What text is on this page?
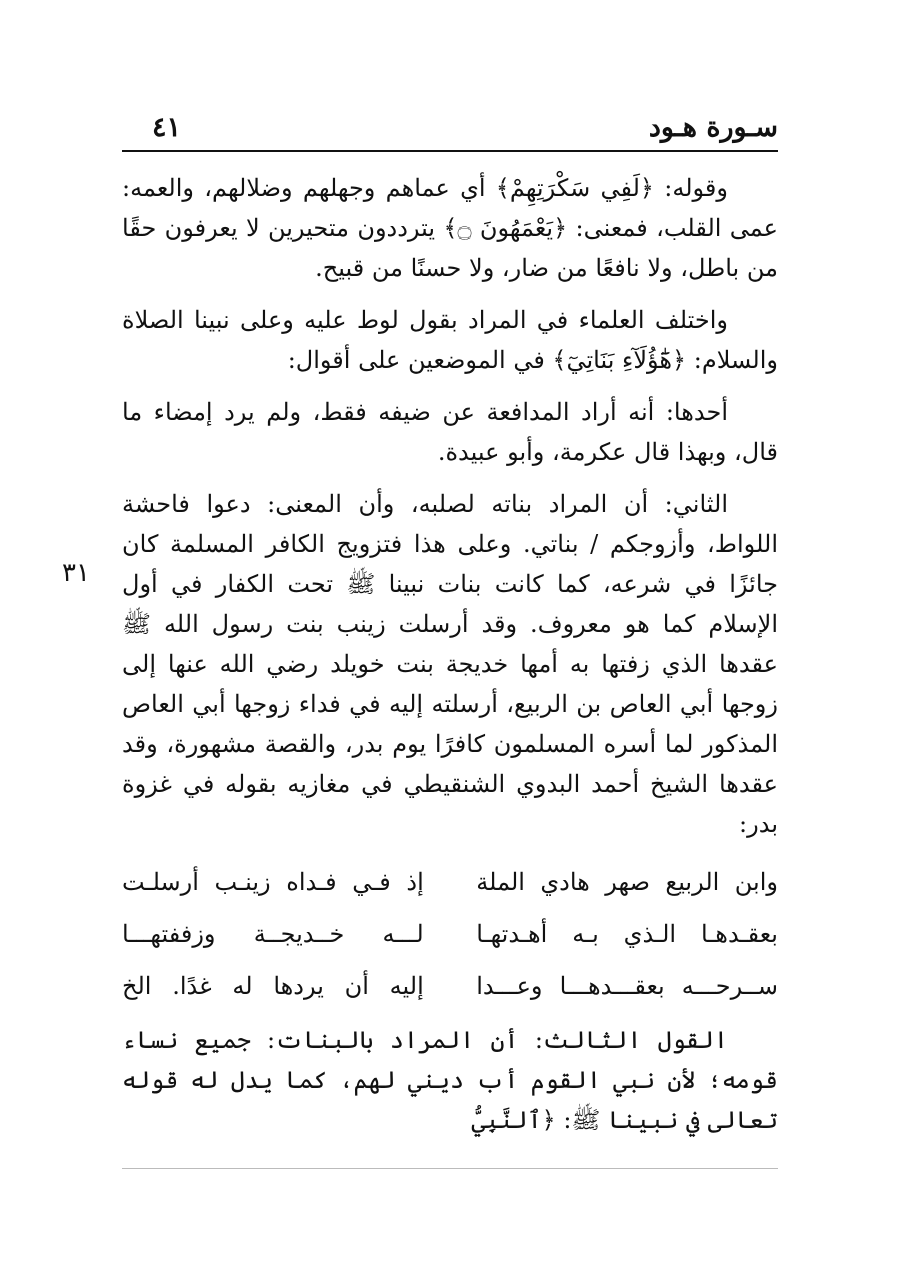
سـورة هـود
٤١
٣١

وقوله: ﴿لَفِي سَكْرَتِهِمْ﴾ أي عماهم وجهلهم وضلالهم، والعمه: عمى القلب، فمعنى: ﴿يَعْمَهُونَ ۝﴾ يترددون متحيرين لا يعرفون حقًا من باطل، ولا نافعًا من ضار، ولا حسنًا من قبيح.

واختلف العلماء في المراد بقول لوط عليه وعلى نبينا الصلاة والسلام: ﴿هَٰٓؤُلَآءِ بَنَاتِيٓ﴾ في الموضعين على أقوال:

أحدها: أنه أراد المدافعة عن ضيفه فقط، ولم يرد إمضاء ما قال، وبهذا قال عكرمة، وأبو عبيدة.

الثاني: أن المراد بناته لصلبه، وأن المعنى: دعوا فاحشة اللواط، وأزوجكم / بناتي. وعلى هذا فتزويج الكافر المسلمة كان جائزًا في شرعه، كما كانت بنات نبينا ﷺ تحت الكفار في أول الإسلام كما هو معروف. وقد أرسلت زينب بنت رسول الله ﷺ عقدها الذي زفتها به أمها خديجة بنت خويلد رضي الله عنها إلى زوجها أبي العاص بن الربيع، أرسلته إليه في فداء زوجها أبي العاص المذكور لما أسره المسلمون كافرًا يوم بدر، والقصة مشهورة، وقد عقدها الشيخ أحمد البدوي الشنقيطي في مغازيه بقوله في غزوة بدر:

وابن الربيع صهر هادي الملة
إذ فـي فـداه زينـب أرسلـت
بعقـدهـا الـذي بـه أهـدتهـا
لـــه خــديجــة وزففتهـــا
ســرحـــه بعقـــدهـــا وعـــدا
إليه أن يردها له غدًا. الخ

القول الثالث: أن المراد بالبنات: جميع نساء قومه؛ لأن نبي القوم أب ديني لهم، كما يدل له قوله تعالى في نبينا ﷺ: ﴿ٱلنَّبِيُّ
